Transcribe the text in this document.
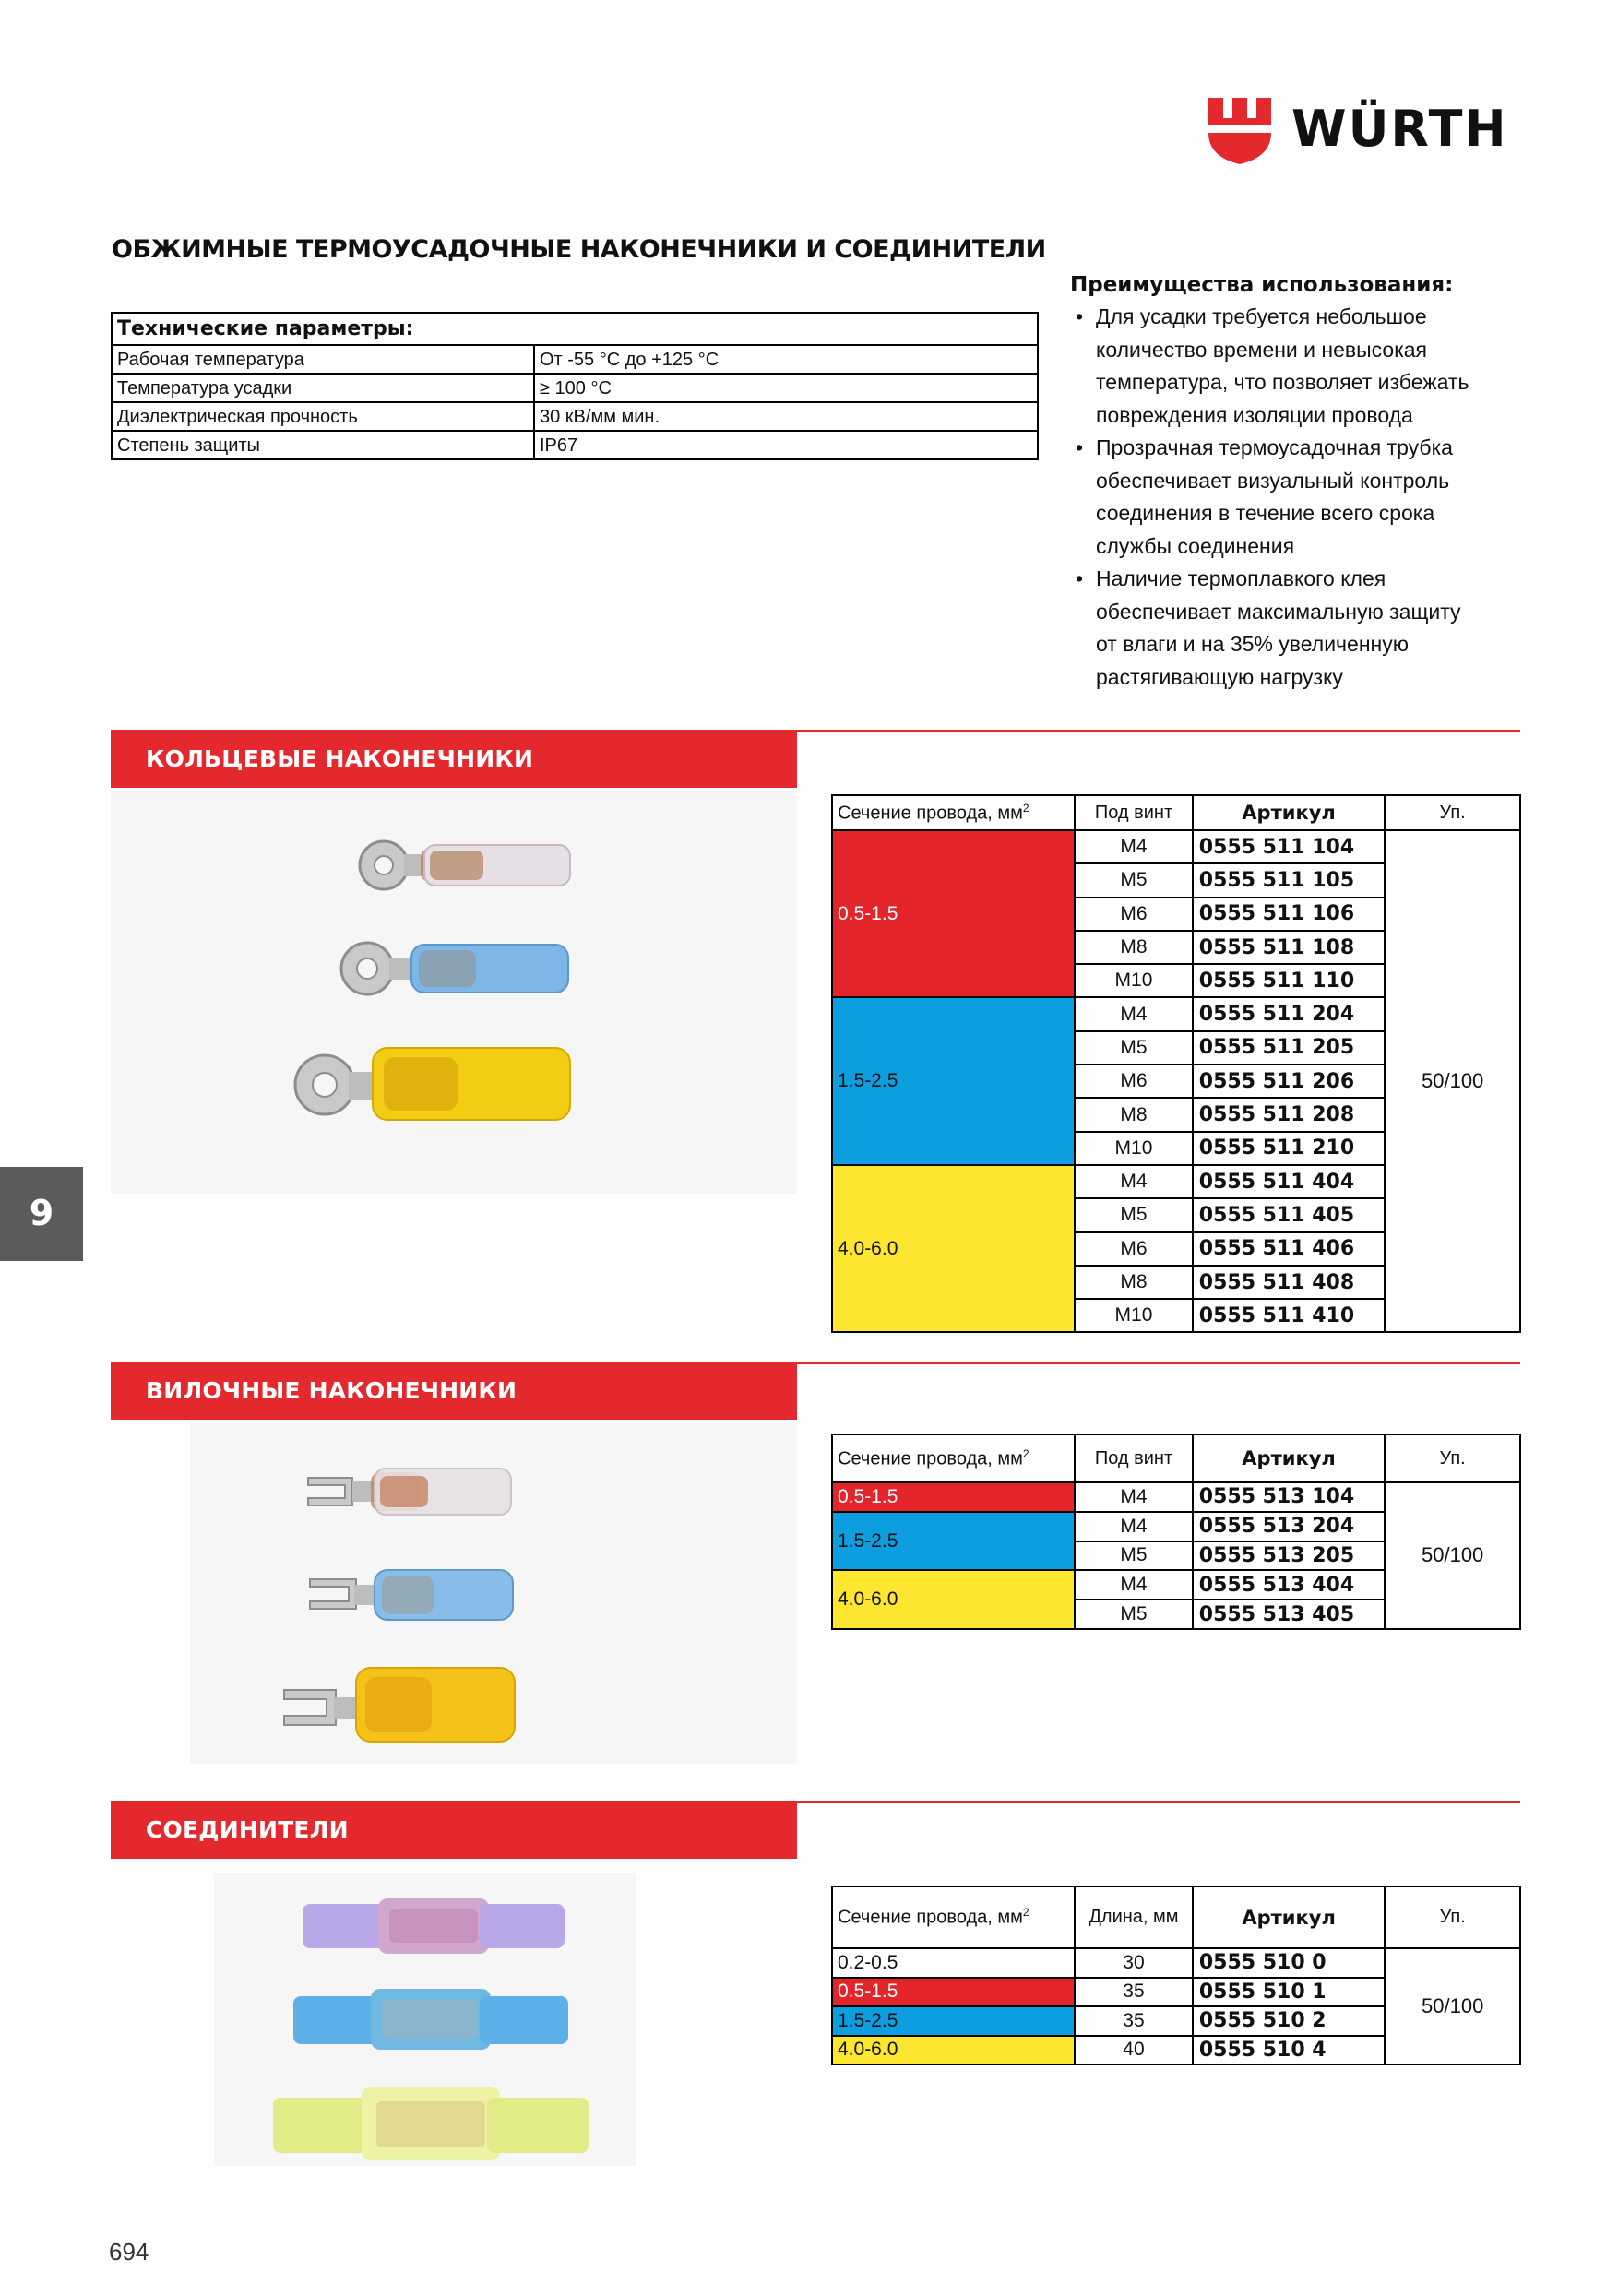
WÜRTH
ОБЖИМНЫЕ ТЕРМОУСАДОЧНЫЕ НАКОНЕЧНИКИ И СОЕДИНИТЕЛИ
Технические параметры:	
Рабочая температура	От -55 °С до +125 °С
Температура усадки	≥ 100 °С
Диэлектрическая прочность	30 кВ/мм мин.
Степень защиты	IP67
Преимущества использования:
• Для усадки требуется небольшое
количество времени и невысокая
температура, что позволяет избежать
повреждения изоляции провода
• Прозрачная термоусадочная трубка
обеспечивает визуальный контроль
соединения в течение всего срока
службы соединения
• Наличие термоплавкого клея
обеспечивает максимальную защиту
от влаги и на 35% увеличенную
растягивающую нагрузку
КОЛЬЦЕВЫЕ НАКОНЕЧНИКИ
Сечение провода, $мм^2$	Под винт	Артикул	Уп.
0.5-1.5	M4	0555 511 104	50/100
	M5	0555 511 105	
	M6	0555 511 106	
	M8	0555 511 108	
	M10	0555 511 110	
1.5-2.5	M4	0555 511 204	
	M5	0555 511 205	
	M6	0555 511 206	
	M8	0555 511 208	
	M10	0555 511 210	
4.0-6.0	M4	0555 511 404	
	M5	0555 511 405	
	M6	0555 511 406	
	M8	0555 511 408	
	M10	0555 511 410	
9
ВИЛОЧНЫЕ НАКОНЕЧНИКИ
Сечение провода, $мм^2$	Под винт	Артикул	Уп.
0.5-1.5	M4	0555 513 104	50/100
1.5-2.5	M4	0555 513 204	
	M5	0555 513 205	
4.0-6.0	M4	0555 513 404	
	M5	0555 513 405	
СОЕДИНИТЕЛИ
Сечение провода, $мм^2$	Длина, мм	Артикул	Уп.
0.2-0.5	30	0555 510 0	50/100
0.5-1.5	35	0555 510 1	
1.5-2.5	35	0555 510 2	
4.0-6.0	40	0555 510 4	
694
